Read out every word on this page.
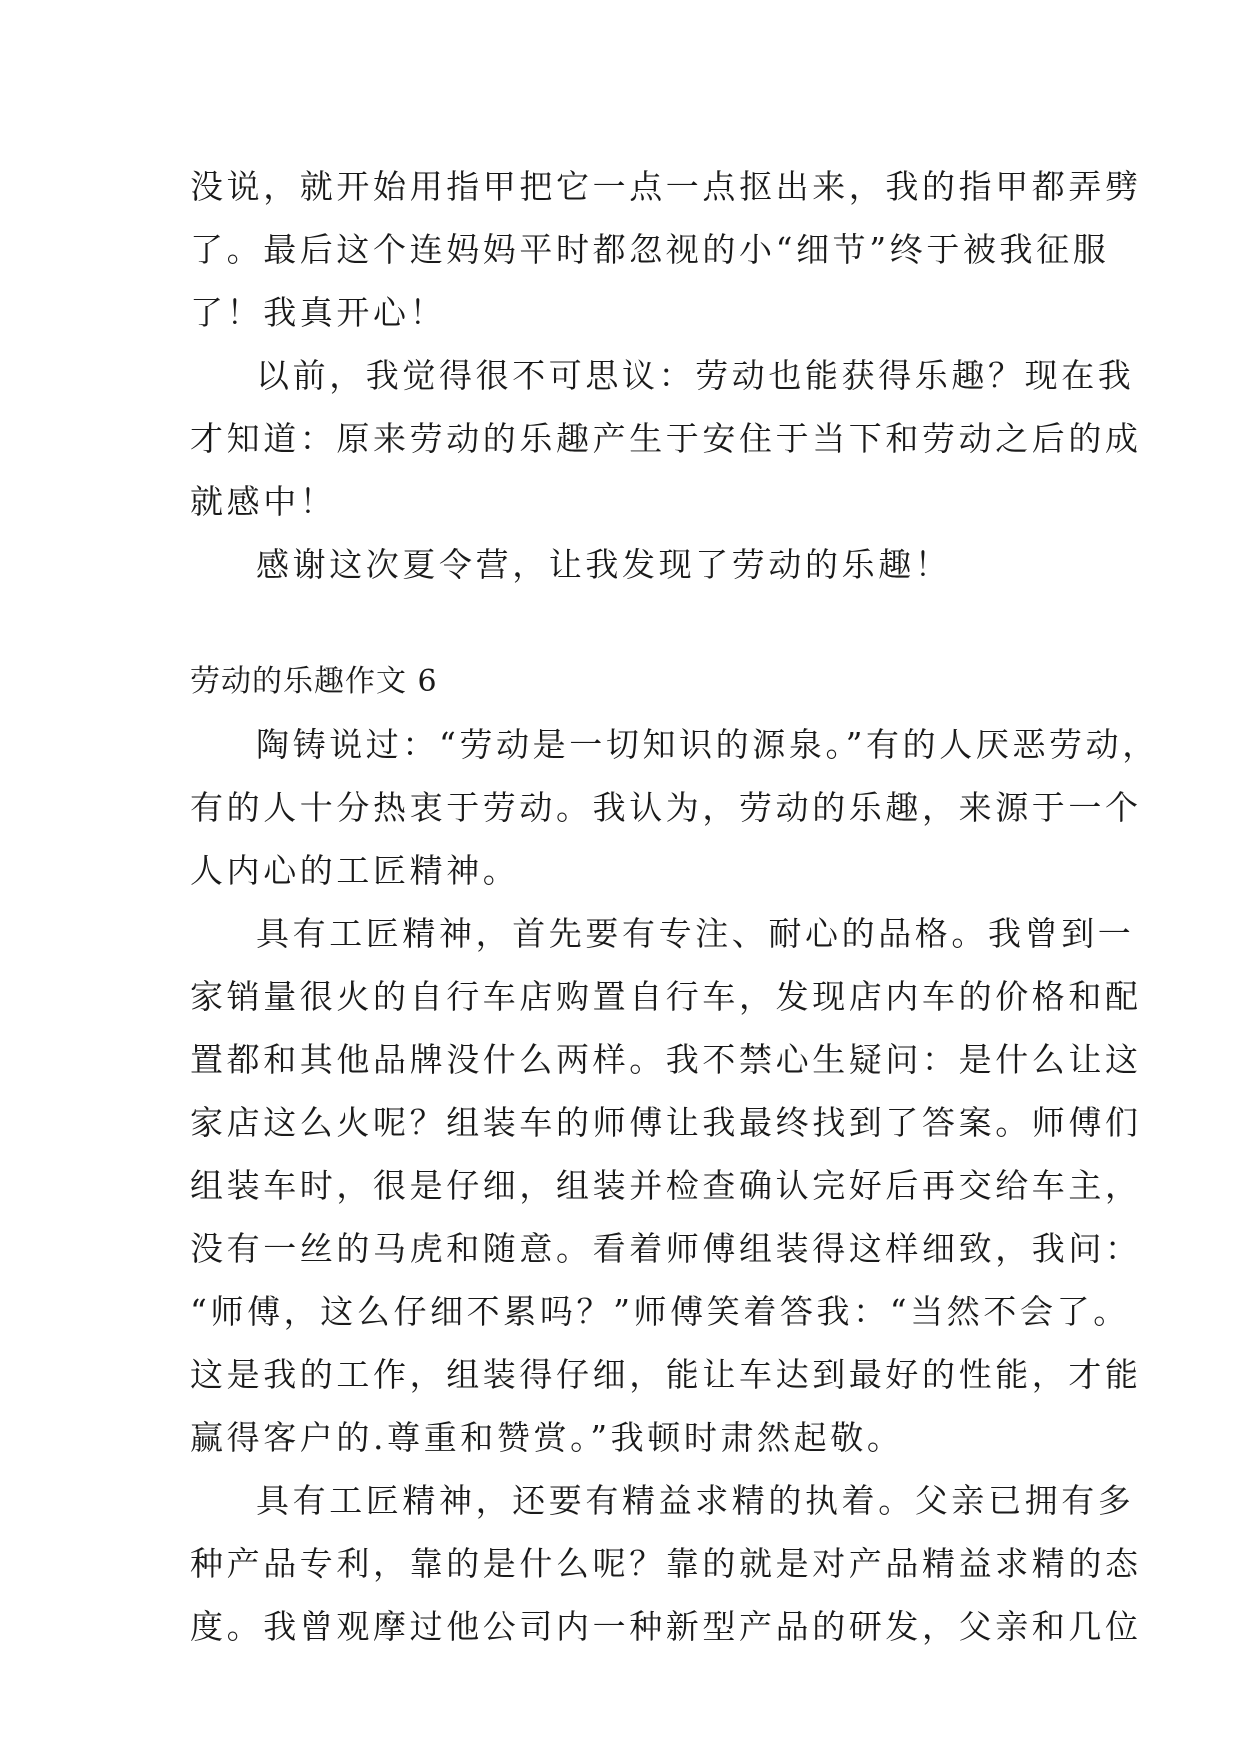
没说，就开始用指甲把它一点一点抠出来，我的指甲都弄劈
了。最后这个连妈妈平时都忽视的小“细节”终于被我征服
了！我真开心！
以前，我觉得很不可思议：劳动也能获得乐趣？现在我
才知道：原来劳动的乐趣产生于安住于当下和劳动之后的成
就感中！
感谢这次夏令营，让我发现了劳动的乐趣！
劳动的乐趣作文 6
陶铸说过：“劳动是一切知识的源泉。”有的人厌恶劳动，
有的人十分热衷于劳动。我认为，劳动的乐趣，来源于一个
人内心的工匠精神。
具有工匠精神，首先要有专注、耐心的品格。我曾到一
家销量很火的自行车店购置自行车，发现店内车的价格和配
置都和其他品牌没什么两样。我不禁心生疑问：是什么让这
家店这么火呢？组装车的师傅让我最终找到了答案。师傅们
组装车时，很是仔细，组装并检查确认完好后再交给车主，
没有一丝的马虎和随意。看着师傅组装得这样细致，我问：
“师傅，这么仔细不累吗？”师傅笑着答我：“当然不会了。
这是我的工作，组装得仔细，能让车达到最好的性能，才能
赢得客户的.尊重和赞赏。”我顿时肃然起敬。
具有工匠精神，还要有精益求精的执着。父亲已拥有多
种产品专利，靠的是什么呢？靠的就是对产品精益求精的态
度。我曾观摩过他公司内一种新型产品的研发，父亲和几位
